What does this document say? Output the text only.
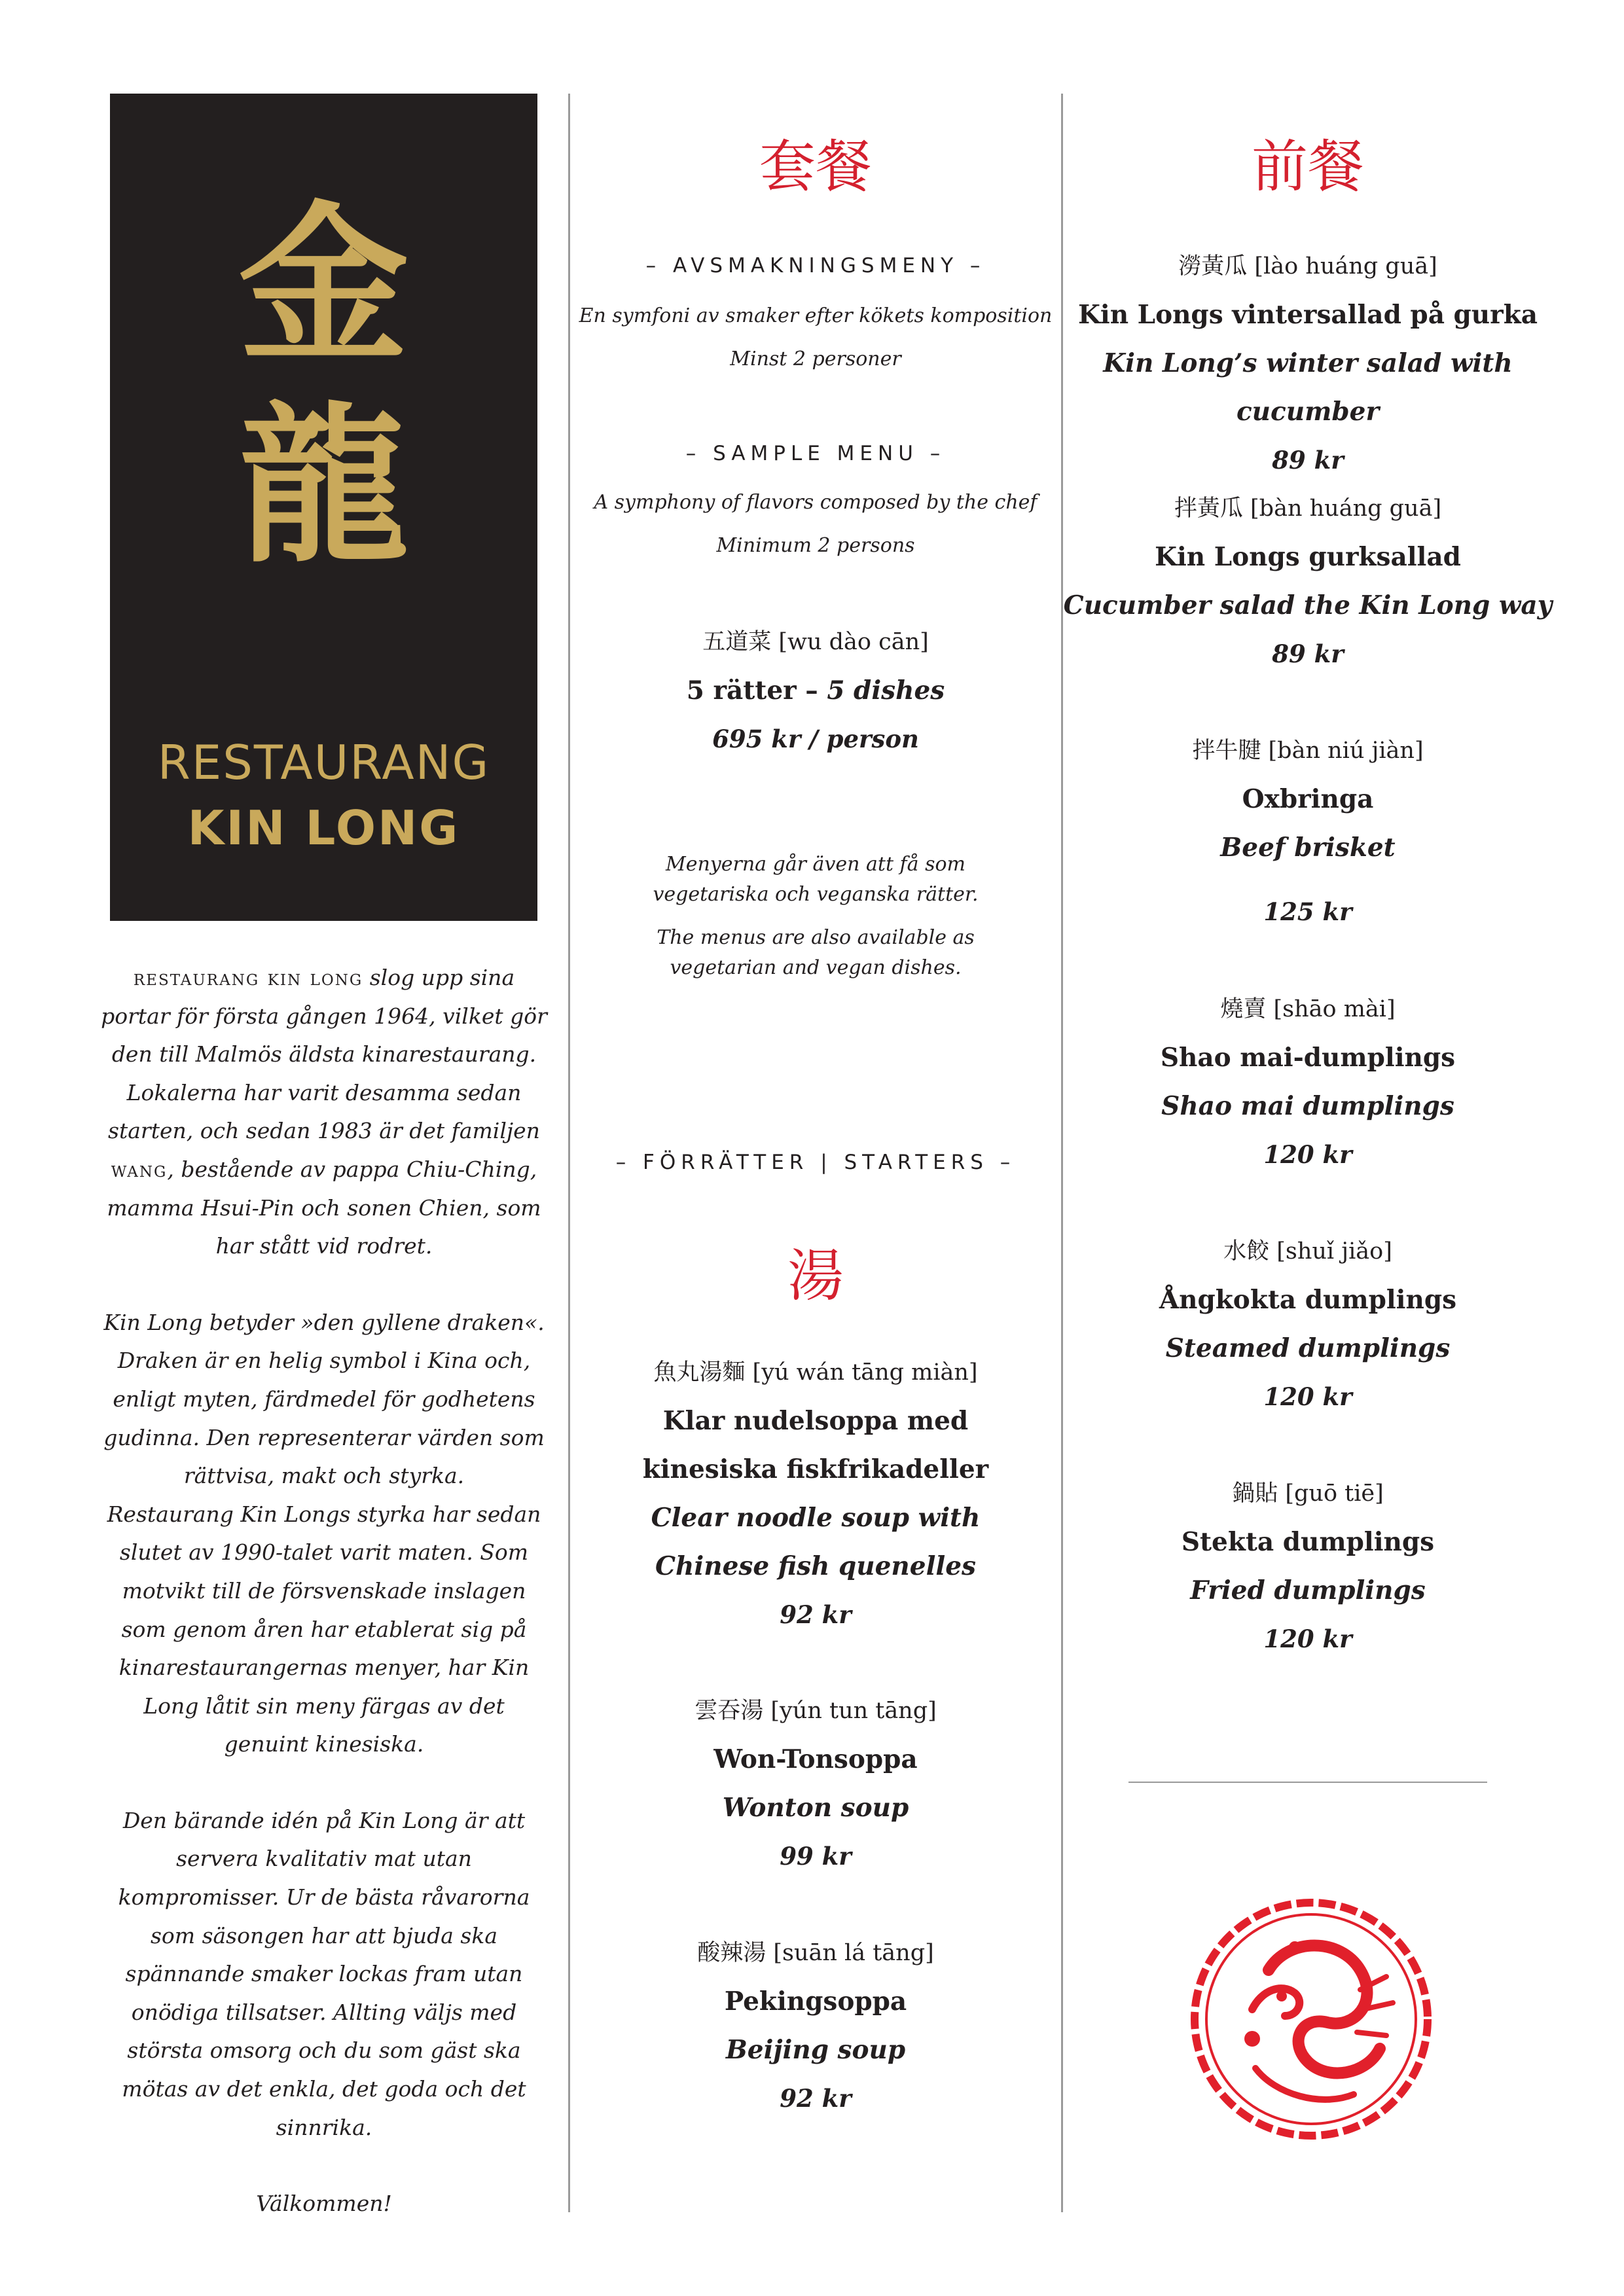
金
龍
RESTAURANG
KIN LONG

restaurang kin long slog upp sina portar för första gången 1964, vilket gör den till Malmös äldsta kinarestaurang. Lokalerna har varit desamma sedan starten, och sedan 1983 är det familjen wang, bestående av pappa Chiu-Ching, mamma Hsui-Pin och sonen Chien, som har stått vid rodret.

Kin Long betyder »den gyllene draken«. Draken är en helig symbol i Kina och, enligt myten, färdmedel för godhetens gudinna. Den representerar värden som rättvisa, makt och styrka.

Restaurang Kin Longs styrka har sedan slutet av 1990-talet varit maten. Som motvikt till de försvenskade inslagen som genom åren har etablerat sig på kinarestaurangernas menyer, har Kin Long låtit sin meny färgas av det genuint kinesiska.

Den bärande idén på Kin Long är att servera kvalitativ mat utan kompromisser. Ur de bästa råvarorna som säsongen har att bjuda ska spännande smaker lockas fram utan onödiga tillsatser. Allting väljs med största omsorg och du som gäst ska mötas av det enkla, det goda och det sinnrika.

Välkommen!

套餐
– AVSMAKNINGSMENY –
En symfoni av smaker efter kökets komposition
Minst 2 personer
– SAMPLE MENU –
A symphony of flavors composed by the chef
Minimum 2 persons
五道菜 [wu dào cān]
5 rätter – 5 dishes
695 kr / person
Menyerna går även att få som vegetariska och veganska rätter.
The menus are also available as vegetarian and vegan dishes.
– FÖRRÄTTER | STARTERS –
湯
魚丸湯麵 [yú wán tāng miàn]
Klar nudelsoppa med kinesiska fiskfrikadeller
Clear noodle soup with Chinese fish quenelles
92 kr
雲吞湯 [yún tun tāng]
Won-Tonsoppa
Wonton soup
99 kr
酸辣湯 [suān lá tāng]
Pekingsoppa
Beijing soup
92 kr
前餐
澇黃瓜 [lào huáng guā]
Kin Longs vintersallad på gurka
Kin Long’s winter salad with cucumber
89 kr
拌黃瓜 [bàn huáng guā]
Kin Longs gurksallad
Cucumber salad the Kin Long way
89 kr
拌牛腱 [bàn niú jiàn]
Oxbringa
Beef brisket
125 kr
燒賣 [shāo mài]
Shao mai-dumplings
Shao mai dumplings
120 kr
水餃 [shuǐ jiǎo]
Ångkokta dumplings
Steamed dumplings
120 kr
鍋貼 [guō tiē]
Stekta dumplings
Fried dumplings
120 kr
